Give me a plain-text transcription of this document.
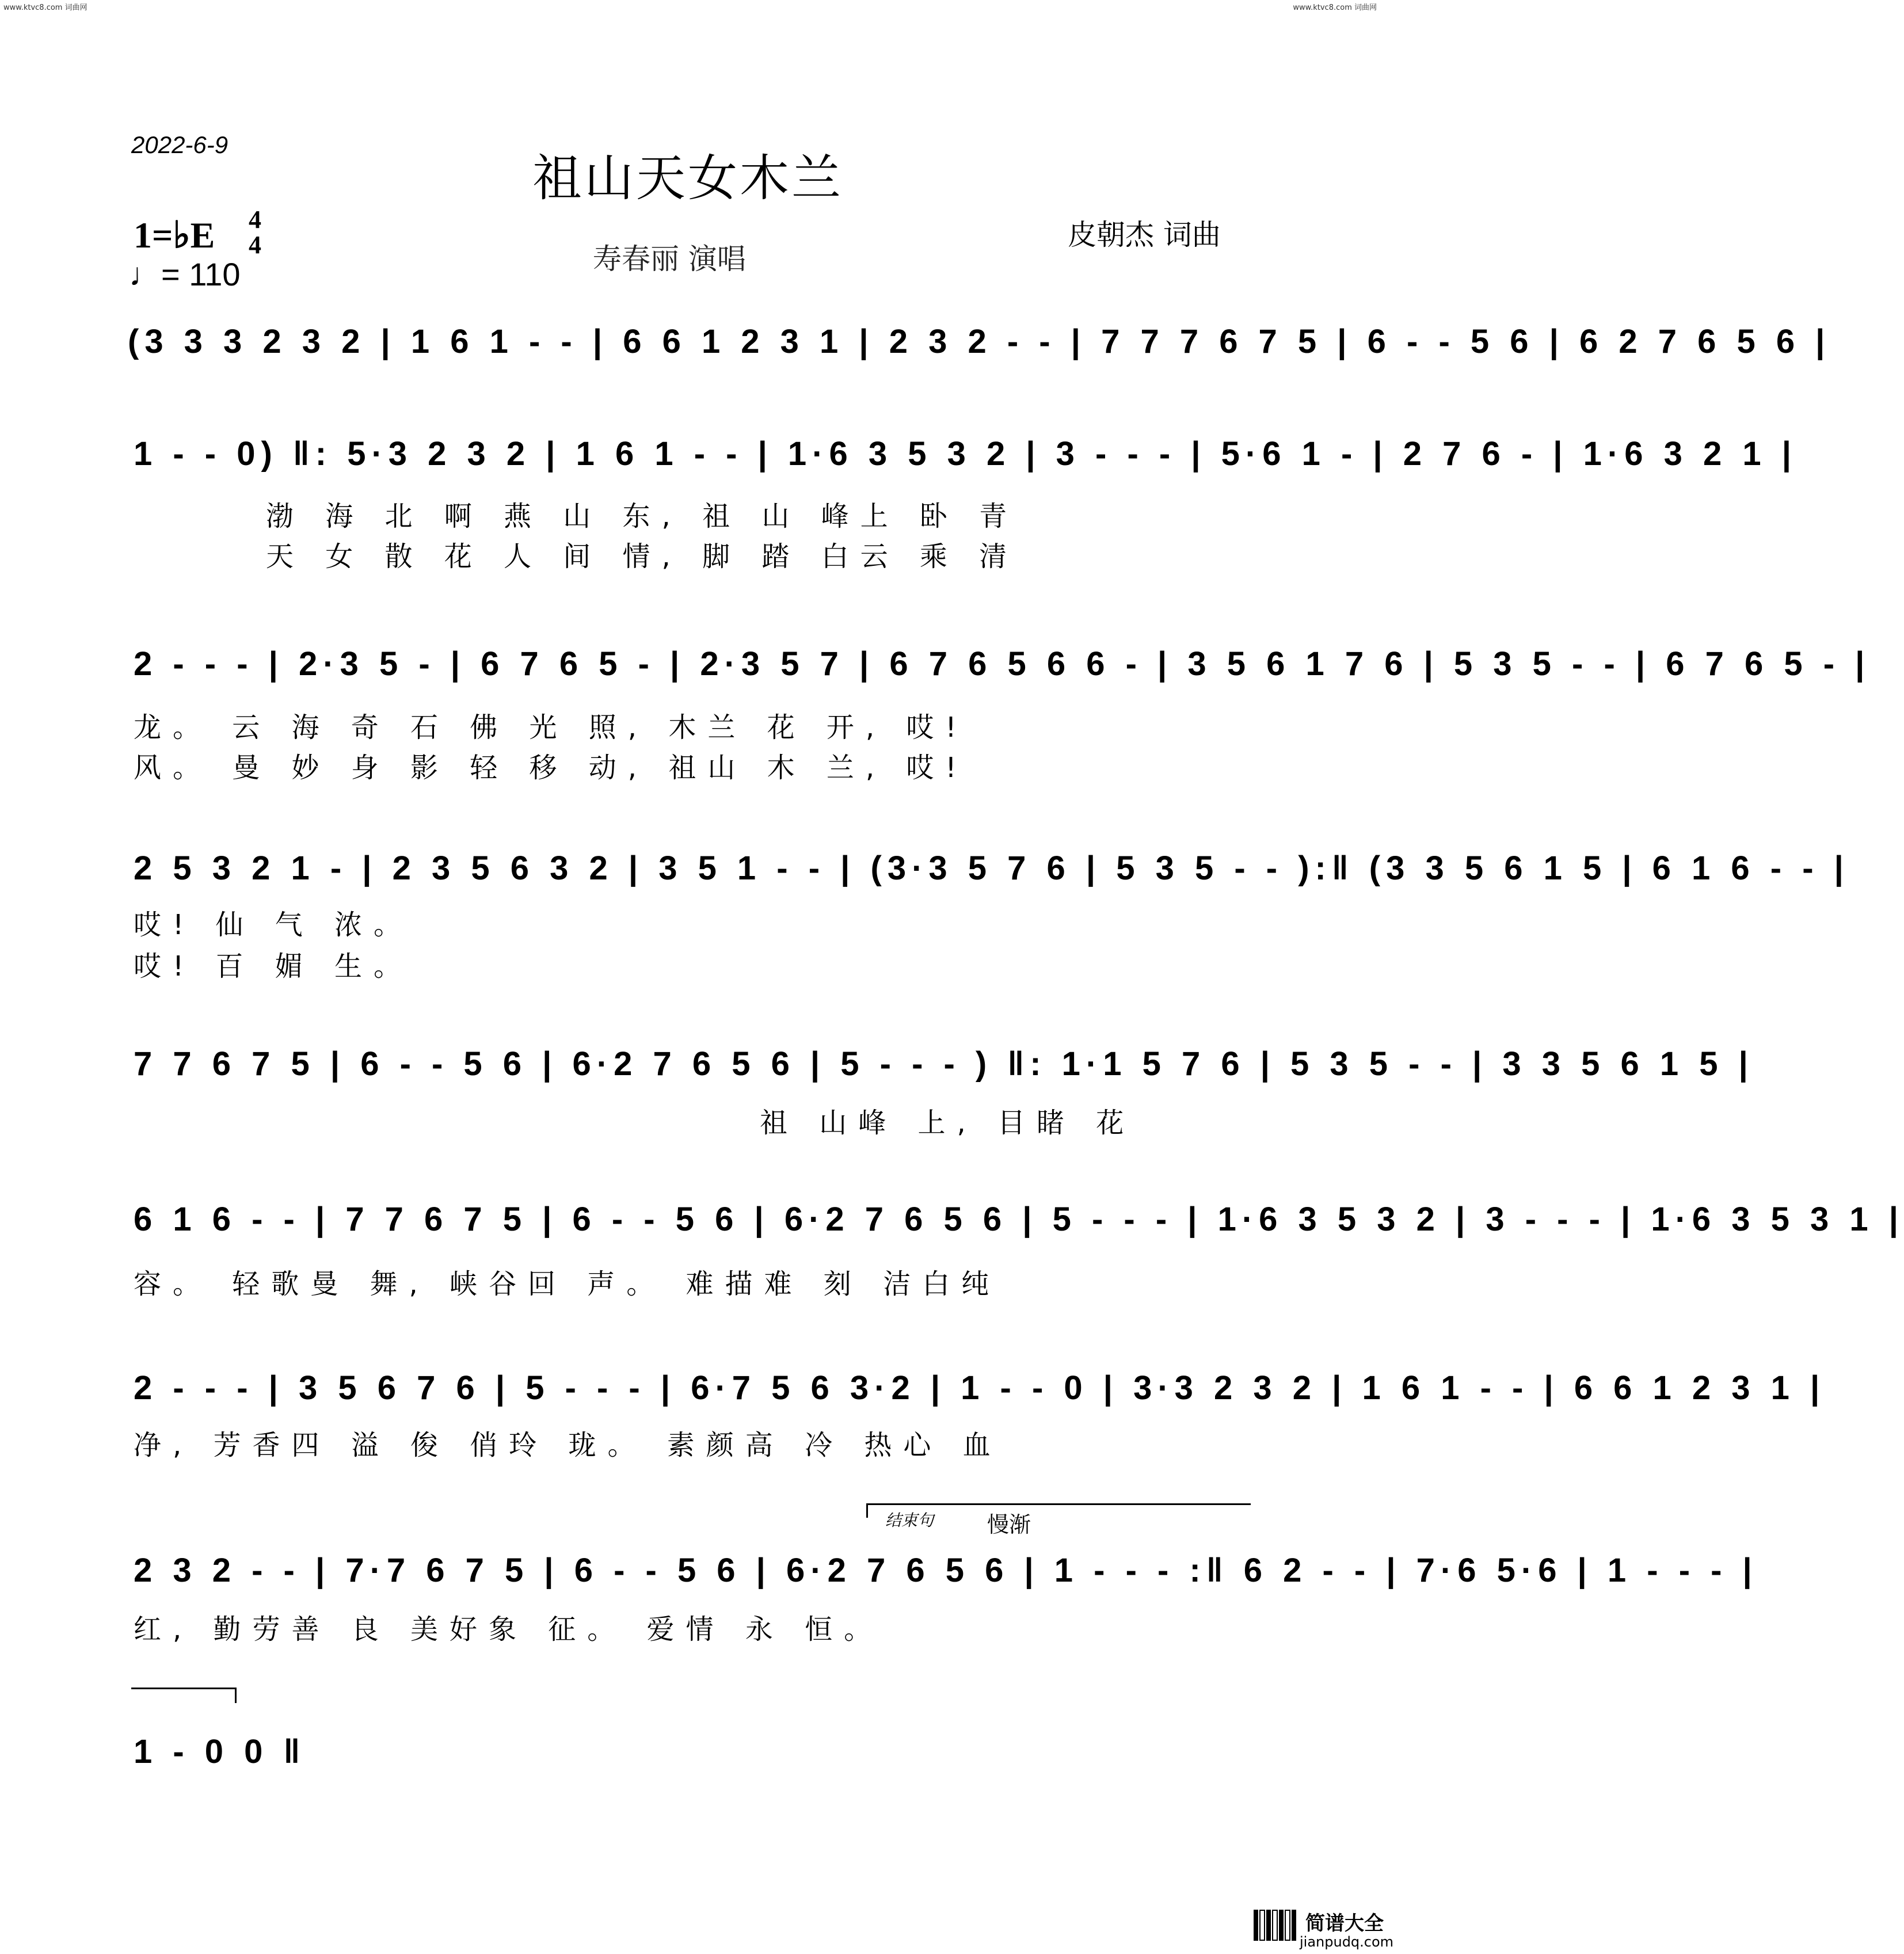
www.ktvc8.com 词曲网	www.ktvc8.com 词曲网
2022-6-9
祖山天女木兰
1=♭E 4
4
♩= 110	寿春丽 演唱
皮朝杰 词曲
(3 3 3 2 3 2 | 1 6 1 - - | 6 6 1 2 3 1 | 2 3 2 - - | 7 7 7 6 7 5 | 6 - - 5 6 | 6 2 7 6 5 6 |
1 - - 0) ‖: 5·3 2 3 2 | 1 6 1 - - | 1·6 3 5 3 2 | 3 - - - | 5·6 1 - | 2 7 6 - | 1·6 3 2 1 |
渤 海 北 啊 燕 山 东, 祖 山 峰上 卧 青
天 女 散 花 人 间 情, 脚 踏 白云 乘 清
2 - - - | 2·3 5 - | 6 7 6 5 - | 2·3 5 7 | 6 7 6 5 6 6 - | 3 5 6 1 7 6 | 5 3 5 - - | 6 7 6 5 - |
龙。 云 海 奇 石 佛 光 照, 木兰 花 开, 哎!
风。 曼 妙 身 影 轻 移 动, 祖山 木 兰, 哎!
2 5 3 2 1 - | 2 3 5 6 3 2 | 3 5 1 - - | (3·3 5 7 6 | 5 3 5 - - ):‖ (3 3 5 6 1 5 | 6 1 6 - - |
哎! 仙 气 浓。
哎! 百 媚 生。
7 7 6 7 5 | 6 - - 5 6 | 6·2 7 6 5 6 | 5 - - - ) ‖: 1·1 5 7 6 | 5 3 5 - - | 3 3 5 6 1 5 |
祖 山峰 上, 目睹 花
6 1 6 - - | 7 7 6 7 5 | 6 - - 5 6 | 6·2 7 6 5 6 | 5 - - - | 1·6 3 5 3 2 | 3 - - - | 1·6 3 5 3 1 |
容。 轻歌曼 舞, 峡谷回 声。 难描难 刻 洁白纯
2 - - - | 3 5 6 7 6 | 5 - - - | 6·7 5 6 3·2 | 1 - - 0 | 3·3 2 3 2 | 1 6 1 - - | 6 6 1 2 3 1 |
净, 芳香四 溢 俊 俏玲 珑。 素颜高 冷 热心 血
结束句 慢渐
2 3 2 - - | 7·7 6 7 5 | 6 - - 5 6 | 6·2 7 6 5 6 | 1 - - - :‖ 6 2 - - | 7·6 5·6 | 1 - - - |
红, 勤劳善 良 美好象 征。 爱情 永 恒。
1 - 0 0 ‖
简谱大全
jianpudq.com
